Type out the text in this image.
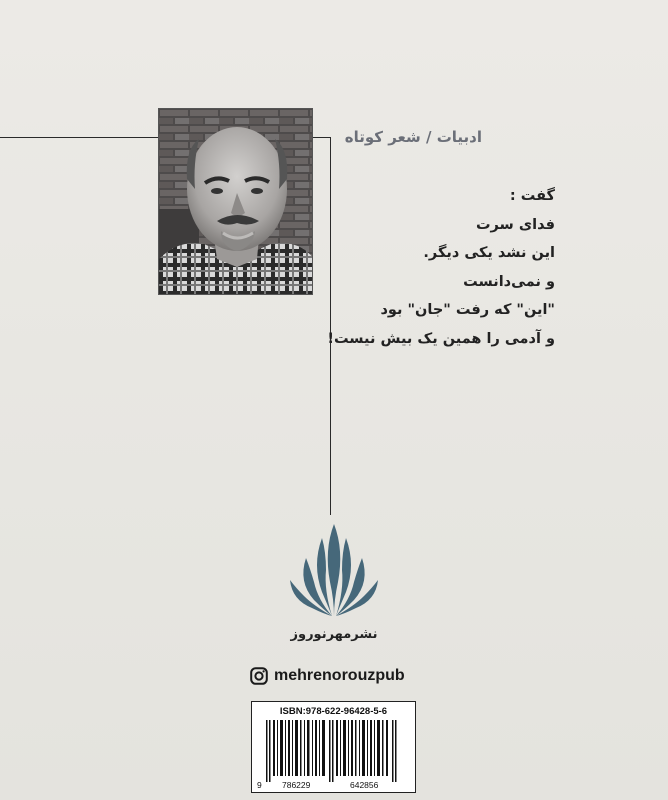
ادبیات / شعر کوتاه
گفت :
فدای سرت
این نشد یکی دیگر.
و نمی‌دانست
"این" که رفت "جان" بود
و آدمی را همین یک بیش نیست!
نشرمهرنوروز
mehrenorouzpub
ISBN:978-622-96428-5-6
9 786229	642856
